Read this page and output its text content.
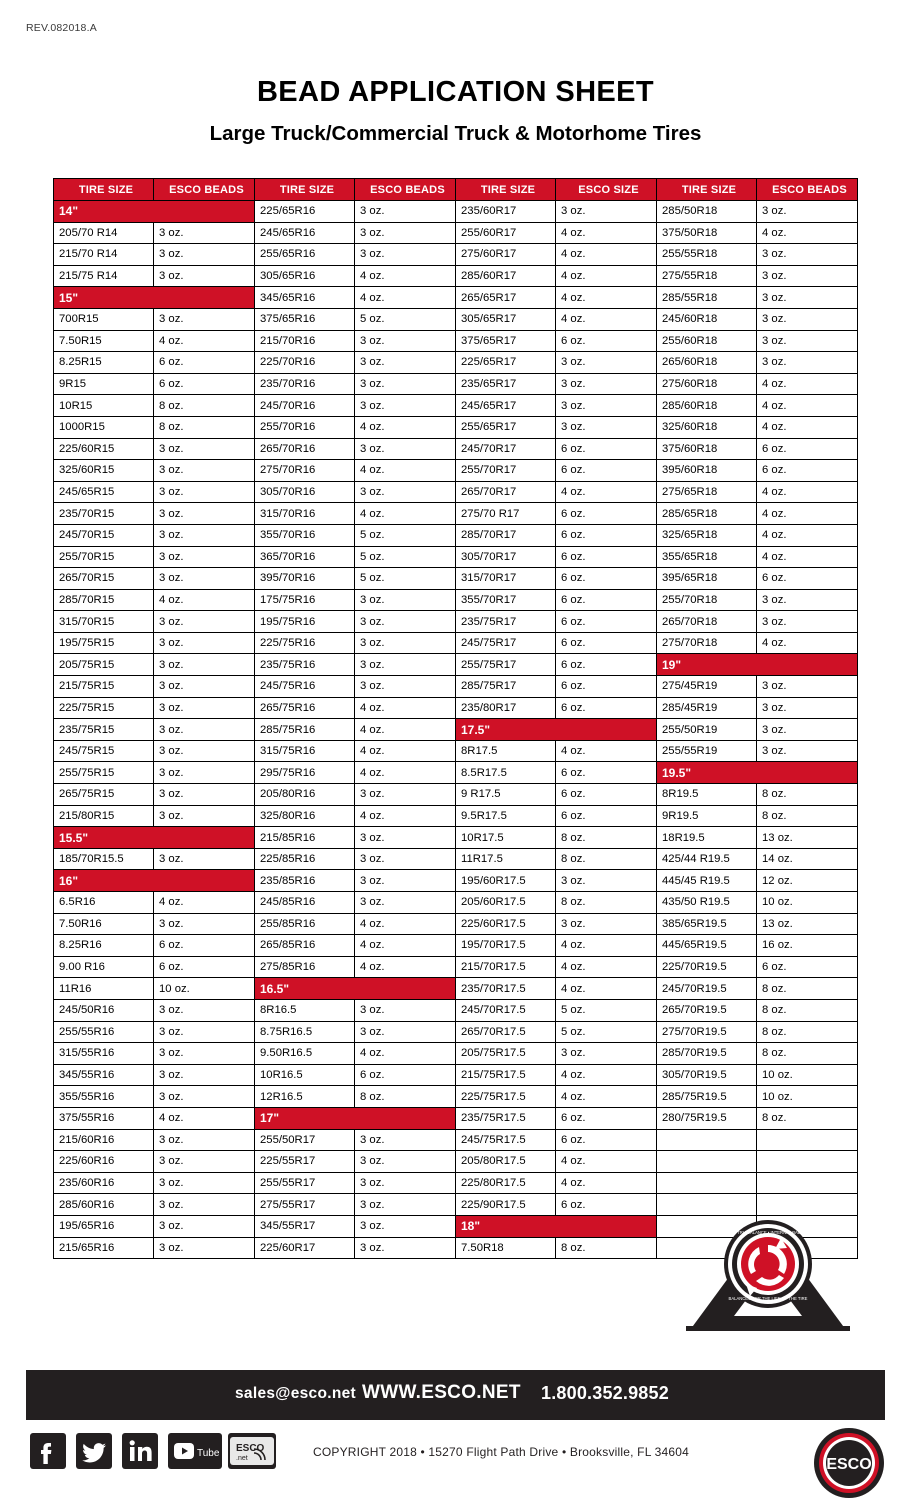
REV.082018.A
BEAD APPLICATION SHEET
Large Truck/Commercial Truck & Motorhome Tires
TIRE SIZE	ESCO BEADS	TIRE SIZE	ESCO BEADS	TIRE SIZE	ESCO SIZE	TIRE SIZE	ESCO BEADS
14"		225/65R16	3 oz.	235/60R17	3 oz.	285/50R18	3 oz.
205/70 R14	3 oz.	245/65R16	3 oz.	255/60R17	4 oz.	375/50R18	4 oz.
215/70 R14	3 oz.	255/65R16	3 oz.	275/60R17	4 oz.	255/55R18	3 oz.
215/75 R14	3 oz.	305/65R16	4 oz.	285/60R17	4 oz.	275/55R18	3 oz.
15"		345/65R16	4 oz.	265/65R17	4 oz.	285/55R18	3 oz.
700R15	3 oz.	375/65R16	5 oz.	305/65R17	4 oz.	245/60R18	3 oz.
7.50R15	4 oz.	215/70R16	3 oz.	375/65R17	6 oz.	255/60R18	3 oz.
8.25R15	6 oz.	225/70R16	3 oz.	225/65R17	3 oz.	265/60R18	3 oz.
9R15	6 oz.	235/70R16	3 oz.	235/65R17	3 oz.	275/60R18	4 oz.
10R15	8 oz.	245/70R16	3 oz.	245/65R17	3 oz.	285/60R18	4 oz.
1000R15	8 oz.	255/70R16	4 oz.	255/65R17	3 oz.	325/60R18	4 oz.
225/60R15	3 oz.	265/70R16	3 oz.	245/70R17	6 oz.	375/60R18	6 oz.
325/60R15	3 oz.	275/70R16	4 oz.	255/70R17	6 oz.	395/60R18	6 oz.
245/65R15	3 oz.	305/70R16	3 oz.	265/70R17	4 oz.	275/65R18	4 oz.
235/70R15	3 oz.	315/70R16	4 oz.	275/70 R17	6 oz.	285/65R18	4 oz.
245/70R15	3 oz.	355/70R16	5 oz.	285/70R17	6 oz.	325/65R18	4 oz.
255/70R15	3 oz.	365/70R16	5 oz.	305/70R17	6 oz.	355/65R18	4 oz.
265/70R15	3 oz.	395/70R16	5 oz.	315/70R17	6 oz.	395/65R18	6 oz.
285/70R15	4 oz.	175/75R16	3 oz.	355/70R17	6 oz.	255/70R18	3 oz.
315/70R15	3 oz.	195/75R16	3 oz.	235/75R17	6 oz.	265/70R18	3 oz.
195/75R15	3 oz.	225/75R16	3 oz.	245/75R17	6 oz.	275/70R18	4 oz.
205/75R15	3 oz.	235/75R16	3 oz.	255/75R17	6 oz.	19"	
215/75R15	3 oz.	245/75R16	3 oz.	285/75R17	6 oz.	275/45R19	3 oz.
225/75R15	3 oz.	265/75R16	4 oz.	235/80R17	6 oz.	285/45R19	3 oz.
235/75R15	3 oz.	285/75R16	4 oz.	17.5"		255/50R19	3 oz.
245/75R15	3 oz.	315/75R16	4 oz.	8R17.5	4 oz.	255/55R19	3 oz.
255/75R15	3 oz.	295/75R16	4 oz.	8.5R17.5	6 oz.	19.5"	
265/75R15	3 oz.	205/80R16	3 oz.	9 R17.5	6 oz.	8R19.5	8 oz.
215/80R15	3 oz.	325/80R16	4 oz.	9.5R17.5	6 oz.	9R19.5	8 oz.
15.5"		215/85R16	3 oz.	10R17.5	8 oz.	18R19.5	13 oz.
185/70R15.5	3 oz.	225/85R16	3 oz.	11R17.5	8 oz.	425/44 R19.5	14 oz.
16"		235/85R16	3 oz.	195/60R17.5	3 oz.	445/45 R19.5	12 oz.
6.5R16	4 oz.	245/85R16	3 oz.	205/60R17.5	8 oz.	435/50 R19.5	10 oz.
7.50R16	3 oz.	255/85R16	4 oz.	225/60R17.5	3 oz.	385/65R19.5	13 oz.
8.25R16	6 oz.	265/85R16	4 oz.	195/70R17.5	4 oz.	445/65R19.5	16 oz.
9.00 R16	6 oz.	275/85R16	4 oz.	215/70R17.5	4 oz.	225/70R19.5	6 oz.
11R16	10 oz.	16.5"		235/70R17.5	4 oz.	245/70R19.5	8 oz.
245/50R16	3 oz.	8R16.5	3 oz.	245/70R17.5	5 oz.	265/70R19.5	8 oz.
255/55R16	3 oz.	8.75R16.5	3 oz.	265/70R17.5	5 oz.	275/70R19.5	8 oz.
315/55R16	3 oz.	9.50R16.5	4 oz.	205/75R17.5	3 oz.	285/70R19.5	8 oz.
345/55R16	3 oz.	10R16.5	6 oz.	215/75R17.5	4 oz.	305/70R19.5	10 oz.
355/55R16	3 oz.	12R16.5	8 oz.	225/75R17.5	4 oz.	285/75R19.5	10 oz.
375/55R16	4 oz.	17"		235/75R17.5	6 oz.	280/75R19.5	8 oz.
215/60R16	3 oz.	255/50R17	3 oz.	245/75R17.5	6 oz.		
225/60R16	3 oz.	225/55R17	3 oz.	205/80R17.5	4 oz.		
235/60R16	3 oz.	255/55R17	3 oz.	225/80R17.5	4 oz.		
285/60R16	3 oz.	275/55R17	3 oz.	225/90R17.5	6 oz.		
195/65R16	3 oz.	345/55R17	3 oz.	18"			
215/65R16	3 oz.	225/60R17	3 oz.	7.50R18	8 oz.		
ESCO TRU-BALANCE • INTERNAL BALANCE
BALANCES FOR THE LIFE OF THE TIRE
sales@esco.net WWW.ESCO.NET 1.800.352.9852
COPYRIGHT 2018 • 15270 Flight Path Drive • Brooksville, FL 34604
Tube ESCO
.net	ESCO
